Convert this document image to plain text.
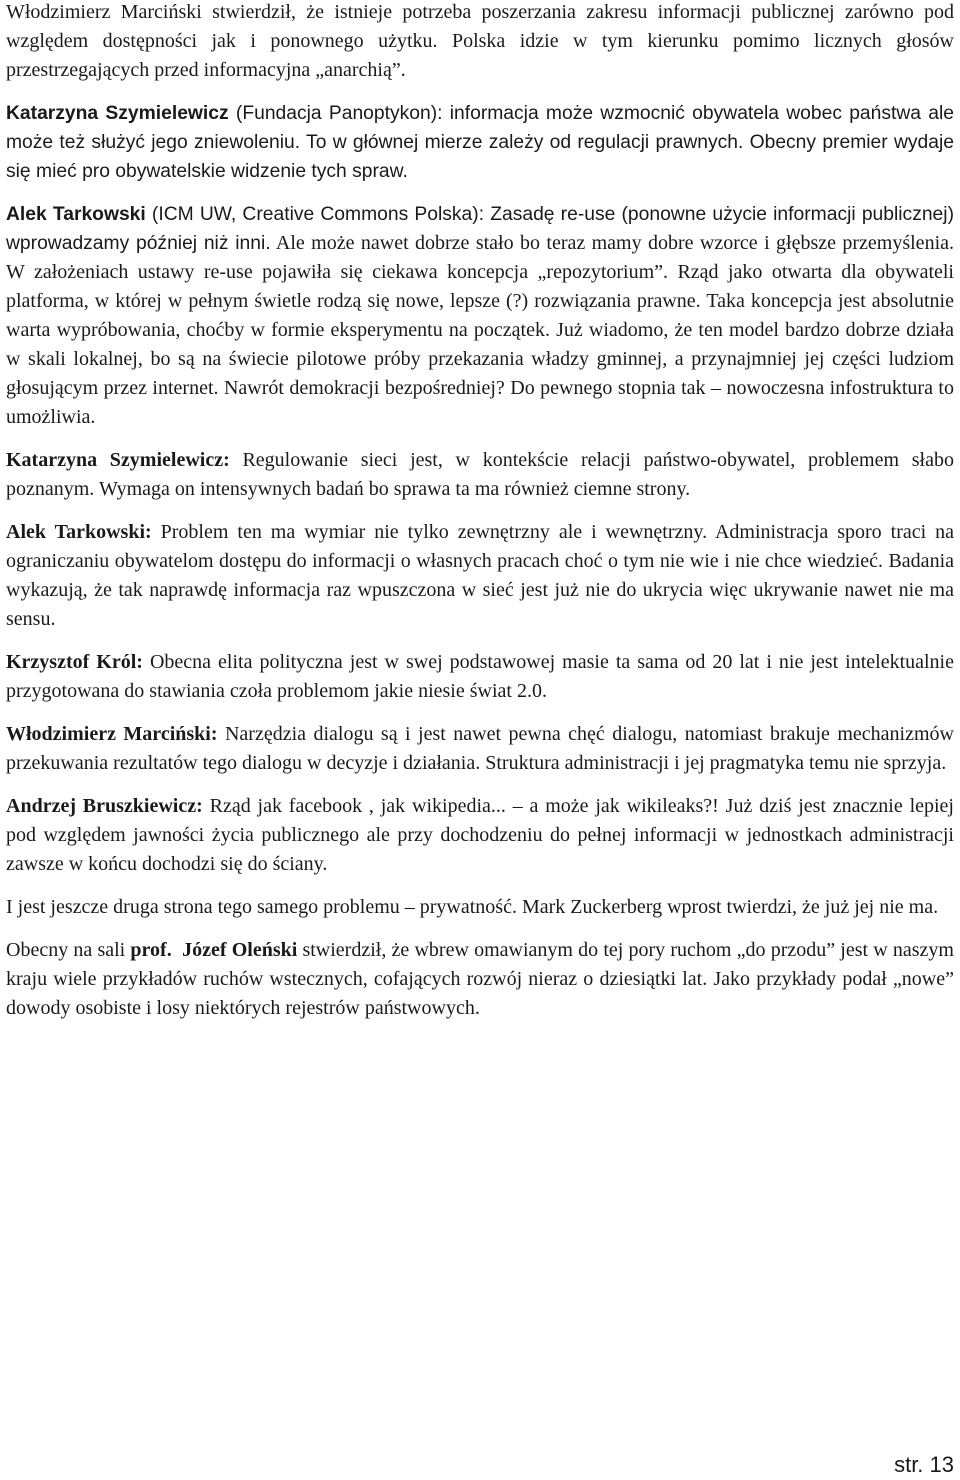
Włodzimierz Marciński stwierdził, że istnieje potrzeba poszerzania zakresu informacji publicznej zarówno pod względem dostępności jak i ponownego użytku. Polska idzie w tym kierunku pomimo licznych głosów przestrzegających przed informacyjna „anarchią”.

Katarzyna Szymielewicz (Fundacja Panoptykon): informacja może wzmocnić obywatela wobec państwa ale może też służyć jego zniewoleniu. To w głównej mierze zależy od regulacji prawnych. Obecny premier wydaje się mieć pro obywatelskie widzenie tych spraw.

Alek Tarkowski (ICM UW, Creative Commons Polska): Zasadę re-use (ponowne użycie informacji publicznej) wprowadzamy później niż inni. Ale może nawet dobrze stało bo teraz mamy dobre wzorce i głębsze przemyślenia. W założeniach ustawy re-use pojawiła się ciekawa koncepcja „repozytorium”. Rząd jako otwarta dla obywateli platforma, w której w pełnym świetle rodzą się nowe, lepsze (?) rozwiązania prawne. Taka koncepcja jest absolutnie warta wypróbowania, choćby w formie eksperymentu na początek. Już wiadomo, że ten model bardzo dobrze działa w skali lokalnej, bo są na świecie pilotowe próby przekazania władzy gminnej, a przynajmniej jej części ludziom głosującym przez internet. Nawrót demokracji bezpośredniej? Do pewnego stopnia tak – nowoczesna infostruktura to umożliwia.

Katarzyna Szymielewicz: Regulowanie sieci jest, w kontekście relacji państwo-obywatel, problemem słabo poznanym. Wymaga on intensywnych badań bo sprawa ta ma również ciemne strony.

Alek Tarkowski: Problem ten ma wymiar nie tylko zewnętrzny ale i wewnętrzny. Administracja sporo traci na ograniczaniu obywatelom dostępu do informacji o własnych pracach choć o tym nie wie i nie chce wiedzieć. Badania wykazują, że tak naprawdę informacja raz wpuszczona w sieć jest już nie do ukrycia więc ukrywanie nawet nie ma sensu.

Krzysztof Król: Obecna elita polityczna jest w swej podstawowej masie ta sama od 20 lat i nie jest intelektualnie przygotowana do stawiania czoła problemom jakie niesie świat 2.0.

Włodzimierz Marciński: Narzędzia dialogu są i jest nawet pewna chęć dialogu, natomiast brakuje mechanizmów przekuwania rezultatów tego dialogu w decyzje i działania. Struktura administracji i jej pragmatyka temu nie sprzyja.

Andrzej Bruszkiewicz: Rząd jak facebook , jak wikipedia... – a może jak wikileaks?! Już dziś jest znacznie lepiej pod względem jawności życia publicznego ale przy dochodzeniu do pełnej informacji w jednostkach administracji zawsze w końcu dochodzi się do ściany.

I jest jeszcze druga strona tego samego problemu – prywatność. Mark Zuckerberg wprost twierdzi, że już jej nie ma.

Obecny na sali prof.  Józef Oleński stwierdził, że wbrew omawianym do tej pory ruchom „do przodu” jest w naszym kraju wiele przykładów ruchów wstecznych, cofających rozwój nieraz o dziesiątki lat. Jako przykłady podał „nowe” dowody osobiste i losy niektórych rejestrów państwowych.

str. 13
